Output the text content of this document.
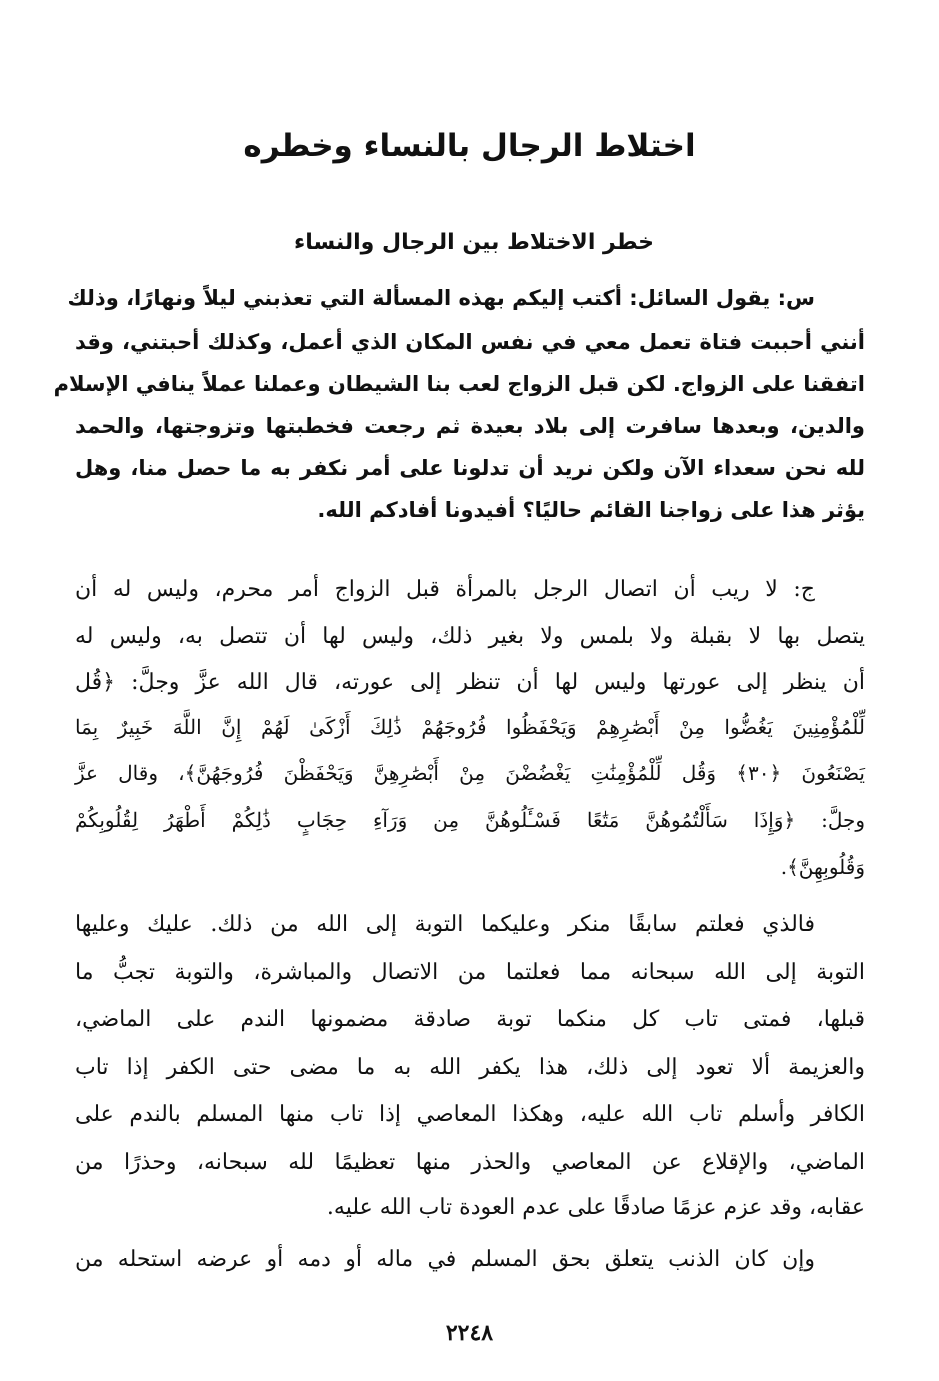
اختلاط الرجال بالنساء وخطره
خطر الاختلاط بين الرجال والنساء
س: يقول السائل: أكتب إليكم بهذه المسألة التي تعذبني ليلاً ونهارًا، وذلك
أنني أحببت فتاة تعمل معي في نفس المكان الذي أعمل، وكذلك أحبتني، وقد
اتفقنا على الزواج. لكن قبل الزواج لعب بنا الشيطان وعملنا عملاً ينافي الإسلام
والدين، وبعدها سافرت إلى بلاد بعيدة ثم رجعت فخطبتها وتزوجتها، والحمد
لله نحن سعداء الآن ولكن نريد أن تدلونا على أمر نكفر به ما حصل منا، وهل
يؤثر هذا على زواجنا القائم حاليًا؟ أفيدونا أفادكم الله.
ج: لا ريب أن اتصال الرجل بالمرأة قبل الزواج أمر محرم، وليس له أن
يتصل بها لا بقبلة ولا بلمس ولا بغير ذلك، وليس لها أن تتصل به، وليس له
أن ينظر إلى عورتها وليس لها أن تنظر إلى عورته، قال الله عزَّ وجلَّ: ﴿قُل
لِّلْمُؤْمِنِينَ يَغُضُّوا مِنْ أَبْصَٰرِهِمْ وَيَحْفَظُوا فُرُوجَهُمْ ذَٰلِكَ أَزْكَىٰ لَهُمْ إِنَّ اللَّهَ خَبِيرٌ بِمَا
يَصْنَعُونَ ﴿٣٠﴾ وَقُل لِّلْمُؤْمِنَٰتِ يَغْضُضْنَ مِنْ أَبْصَٰرِهِنَّ وَيَحْفَظْنَ فُرُوجَهُنَّ﴾، وقال عزَّ
وجلَّ: ﴿وَإِذَا سَأَلْتُمُوهُنَّ مَتَٰعًا فَسْـَٔلُوهُنَّ مِن وَرَآءِ حِجَابٍ ذَٰلِكُمْ أَطْهَرُ لِقُلُوبِكُمْ
وَقُلُوبِهِنَّ﴾.
فالذي فعلتم سابقًا منكر وعليكما التوبة إلى الله من ذلك. عليك وعليها
التوبة إلى الله سبحانه مما فعلتما من الاتصال والمباشرة، والتوبة تجبُّ ما
قبلها، فمتى تاب كل منكما توبة صادقة مضمونها الندم على الماضي،
والعزيمة ألا تعود إلى ذلك، هذا يكفر الله به ما مضى حتى الكفر إذا تاب
الكافر وأسلم تاب الله عليه، وهكذا المعاصي إذا تاب منها المسلم بالندم على
الماضي، والإقلاع عن المعاصي والحذر منها تعظيمًا لله سبحانه، وحذرًا من
عقابه، وقد عزم عزمًا صادقًا على عدم العودة تاب الله عليه.
وإن كان الذنب يتعلق بحق المسلم في ماله أو دمه أو عرضه استحله من
٢٢٤٨
